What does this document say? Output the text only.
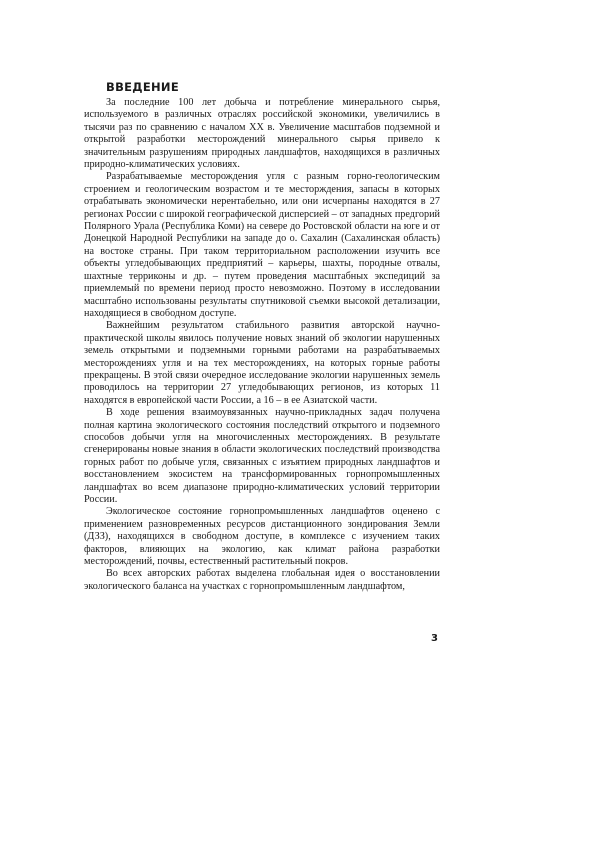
ВВЕДЕНИЕ

За последние 100 лет добыча и потребление минерального сырья, используемого в различных отраслях российской экономики, увеличились в тысячи раз по сравнению с началом XX в. Увеличение масштабов подземной и открытой разработки месторождений минерального сырья привело к значительным разрушениям природных ландшафтов, находящихся в различных природно-климатических условиях.

Разрабатываемые месторождения угля с разным горно-геологическим строением и геологическим возрастом и те месторждения, запасы в которых отрабатывать экономически нерентабельно, или они исчерпаны находятся в 27 регионах России с широкой географической дисперсией – от западных предгорий Полярного Урала (Республика Коми) на севере до Ростовской области на юге и от Донецкой Народной Республики на западе до о. Сахалин (Сахалинская область) на востоке страны. При таком территориальном расположении изучить все объекты угледобывающих предприятий – карьеры, шахты, породные отвалы, шахтные терриконы и др. – путем проведения масштабных экспедиций за приемлемый по времени период просто невозможно. Поэтому в исследовании масштабно использованы результаты спутниковой съемки высокой детализации, находящиеся в свободном доступе.

Важнейшим результатом стабильного развития авторской научно-практической школы явилось получение новых знаний об экологии нарушенных земель открытыми и подземными горными работами на разрабатываемых месторождениях угля и на тех месторождениях, на которых горные работы прекращены. В этой связи очередное исследование экологии нарушенных земель проводилось на территории 27 угледобывающих регионов, из которых 11 находятся в европейской части России, а 16 – в ее Азиатской части.

В ходе решения взаимоувязанных научно-прикладных задач получена полная картина экологического состояния последствий открытого и подземного способов добычи угля на многочисленных месторождениях. В результате сгенерированы новые знания в области экологических последствий производства горных работ по добыче угля, связанных с изъятием природных ландшафтов и восстановлением экосистем на трансформированных горнопромышленных ландшафтах во всем диапазоне природно-климатических условий территории России.

Экологическое состояние горнопромышленных ландшафтов оценено с применением разновременных ресурсов дистанционного зондирования Земли (ДЗЗ), находящихся в свободном доступе, в комплексе с изучением таких факторов, влияющих на экологию, как климат района разработки месторождений, почвы, естественный растительный покров.

Во всех авторских работах выделена глобальная идея о восстановлении экологического баланса на участках с горнопромышленным ландшафтом,

3
